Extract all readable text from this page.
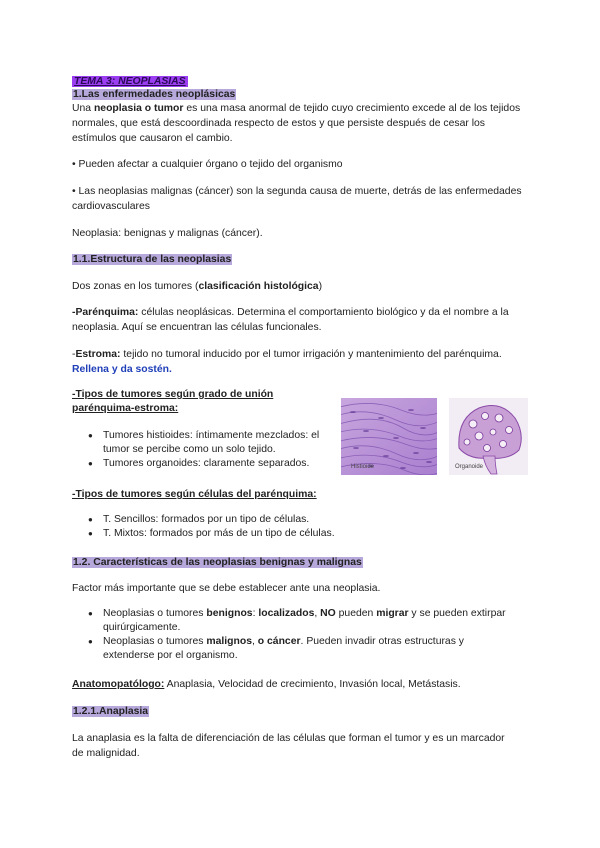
TEMA 3: NEOPLASIAS

1.Las enfermedades neoplásicas

Una neoplasia o tumor es una masa anormal de tejido cuyo crecimiento excede al de los tejidos normales, que está descoordinada respecto de estos y que persiste después de cesar los estímulos que causaron el cambio.

• Pueden afectar a cualquier órgano o tejido del organismo

• Las neoplasias malignas (cáncer) son la segunda causa de muerte, detrás de las enfermedades cardiovasculares

Neoplasia: benignas y malignas (cáncer).

1.1.Estructura de las neoplasias

Dos zonas en los tumores (clasificación histológica)

-Parénquima: células neoplásicas. Determina el comportamiento biológico y da el nombre a la neoplasia. Aquí se encuentran las células funcionales.

-Estroma: tejido no tumoral inducido por el tumor irrigación y mantenimiento del parénquima. Rellena y da sostén.

-Tipos de tumores según grado de unión parénquima-estroma:

● Tumores histioides: íntimamente mezclados: el tumor se percibe como un solo tejido.
● Tumores organoides: claramente separados.

-Tipos de tumores según células del parénquima:

● T. Sencillos: formados por un tipo de células.
● T. Mixtos: formados por más de un tipo de células.

1.2. Características de las neoplasias benignas y malignas

Factor más importante que se debe establecer ante una neoplasia.

● Neoplasias o tumores benignos: localizados, NO pueden migrar y se pueden extirpar quirúrgicamente.
● Neoplasias o tumores malignos, o cáncer. Pueden invadir otras estructuras y extenderse por el organismo.

Anatomopatólogo: Anaplasia, Velocidad de crecimiento, Invasión local, Metástasis.

1.2.1.Anaplasia

La anaplasia es la falta de diferenciación de las células que forman el tumor y es un marcador de malignidad.

Histioide	Organoide
